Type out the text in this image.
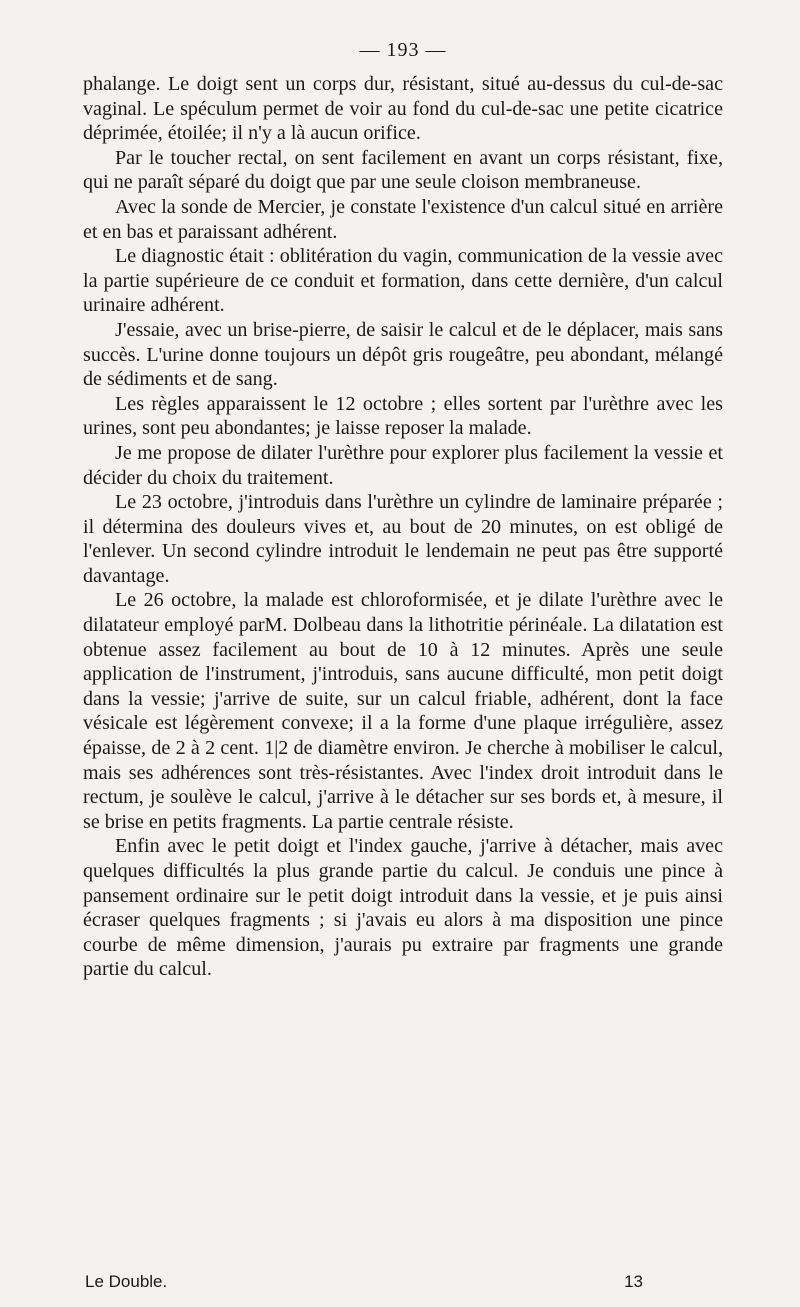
— 193 —

phalange. Le doigt sent un corps dur, résistant, situé au-dessus du cul-de-sac vaginal. Le spéculum permet de voir au fond du cul-de-sac une petite cicatrice déprimée, étoilée; il n'y a là aucun orifice.

Par le toucher rectal, on sent facilement en avant un corps résistant, fixe, qui ne paraît séparé du doigt que par une seule cloison membraneuse.

Avec la sonde de Mercier, je constate l'existence d'un calcul situé en arrière et en bas et paraissant adhérent.

Le diagnostic était : oblitération du vagin, communication de la vessie avec la partie supérieure de ce conduit et formation, dans cette dernière, d'un calcul urinaire adhérent.

J'essaie, avec un brise-pierre, de saisir le calcul et de le déplacer, mais sans succès. L'urine donne toujours un dépôt gris rougeâtre, peu abondant, mélangé de sédiments et de sang.

Les règles apparaissent le 12 octobre ; elles sortent par l'urèthre avec les urines, sont peu abondantes; je laisse reposer la malade.

Je me propose de dilater l'urèthre pour explorer plus facilement la vessie et décider du choix du traitement.

Le 23 octobre, j'introduis dans l'urèthre un cylindre de laminaire préparée ; il détermina des douleurs vives et, au bout de 20 minutes, on est obligé de l'enlever. Un second cylindre introduit le lendemain ne peut pas être supporté davantage.

Le 26 octobre, la malade est chloroformisée, et je dilate l'urèthre avec le dilatateur employé parM. Dolbeau dans la lithotritie périnéale. La dilatation est obtenue assez facilement au bout de 10 à 12 minutes. Après une seule application de l'instrument, j'introduis, sans aucune difficulté, mon petit doigt dans la vessie; j'arrive de suite, sur un calcul friable, adhérent, dont la face vésicale est légèrement convexe; il a la forme d'une plaque irrégulière, assez épaisse, de 2 à 2 cent. 1|2 de diamètre environ. Je cherche à mobiliser le calcul, mais ses adhérences sont très-résistantes. Avec l'index droit introduit dans le rectum, je soulève le calcul, j'arrive à le détacher sur ses bords et, à mesure, il se brise en petits fragments. La partie centrale résiste.

Enfin avec le petit doigt et l'index gauche, j'arrive à détacher, mais avec quelques difficultés la plus grande partie du calcul. Je conduis une pince à pansement ordinaire sur le petit doigt introduit dans la vessie, et je puis ainsi écraser quelques fragments ; si j'avais eu alors à ma disposition une pince courbe de même dimension, j'aurais pu extraire par fragments une grande partie du calcul.

Le Double.	13
